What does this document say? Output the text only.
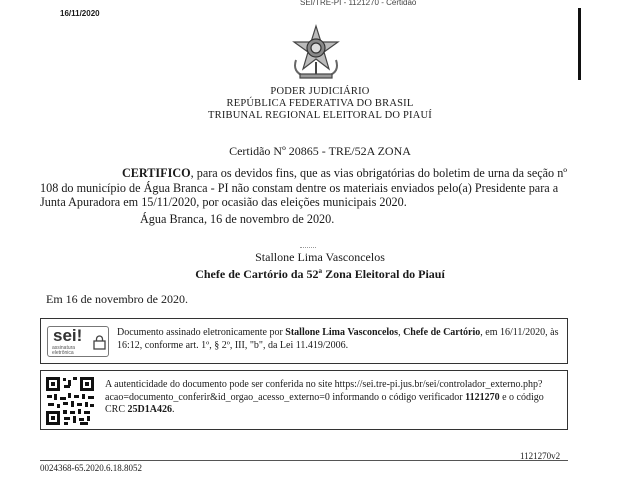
16/11/2020
SEI/TRE-PI - 1121270 - Certidão
PODER JUDICIÁRIO
REPÚBLICA FEDERATIVA DO BRASIL
TRIBUNAL REGIONAL ELEITORAL DO PIAUÍ
Certidão Nº 20865 - TRE/52A ZONA
CERTIFICO, para os devidos fins, que as vias obrigatórias do boletim de urna da seção nº 108 do município de Água Branca - PI não constam dentre os materiais enviados pelo(a) Presidente para a Junta Apuradora em 15/11/2020, por ocasião das eleições municipais 2020.
Água Branca, 16 de novembro de 2020.
Stallone Lima Vasconcelos
Chefe de Cartório da 52ª Zona Eleitoral do Piauí
Em 16 de novembro de 2020.
sei!
assinatura eletrônica
Documento assinado eletronicamente por Stallone Lima Vasconcelos, Chefe de Cartório, em 16/11/2020, às 16:12, conforme art. 1º, § 2º, III, "b", da Lei 11.419/2006.
A autenticidade do documento pode ser conferida no site https://sei.tre-pi.jus.br/sei/controlador_externo.php?acao=documento_conferir&id_orgao_acesso_externo=0 informando o código verificador 1121270 e o código CRC 25D1A426.
0024368-65.2020.6.18.8052
1121270v2
